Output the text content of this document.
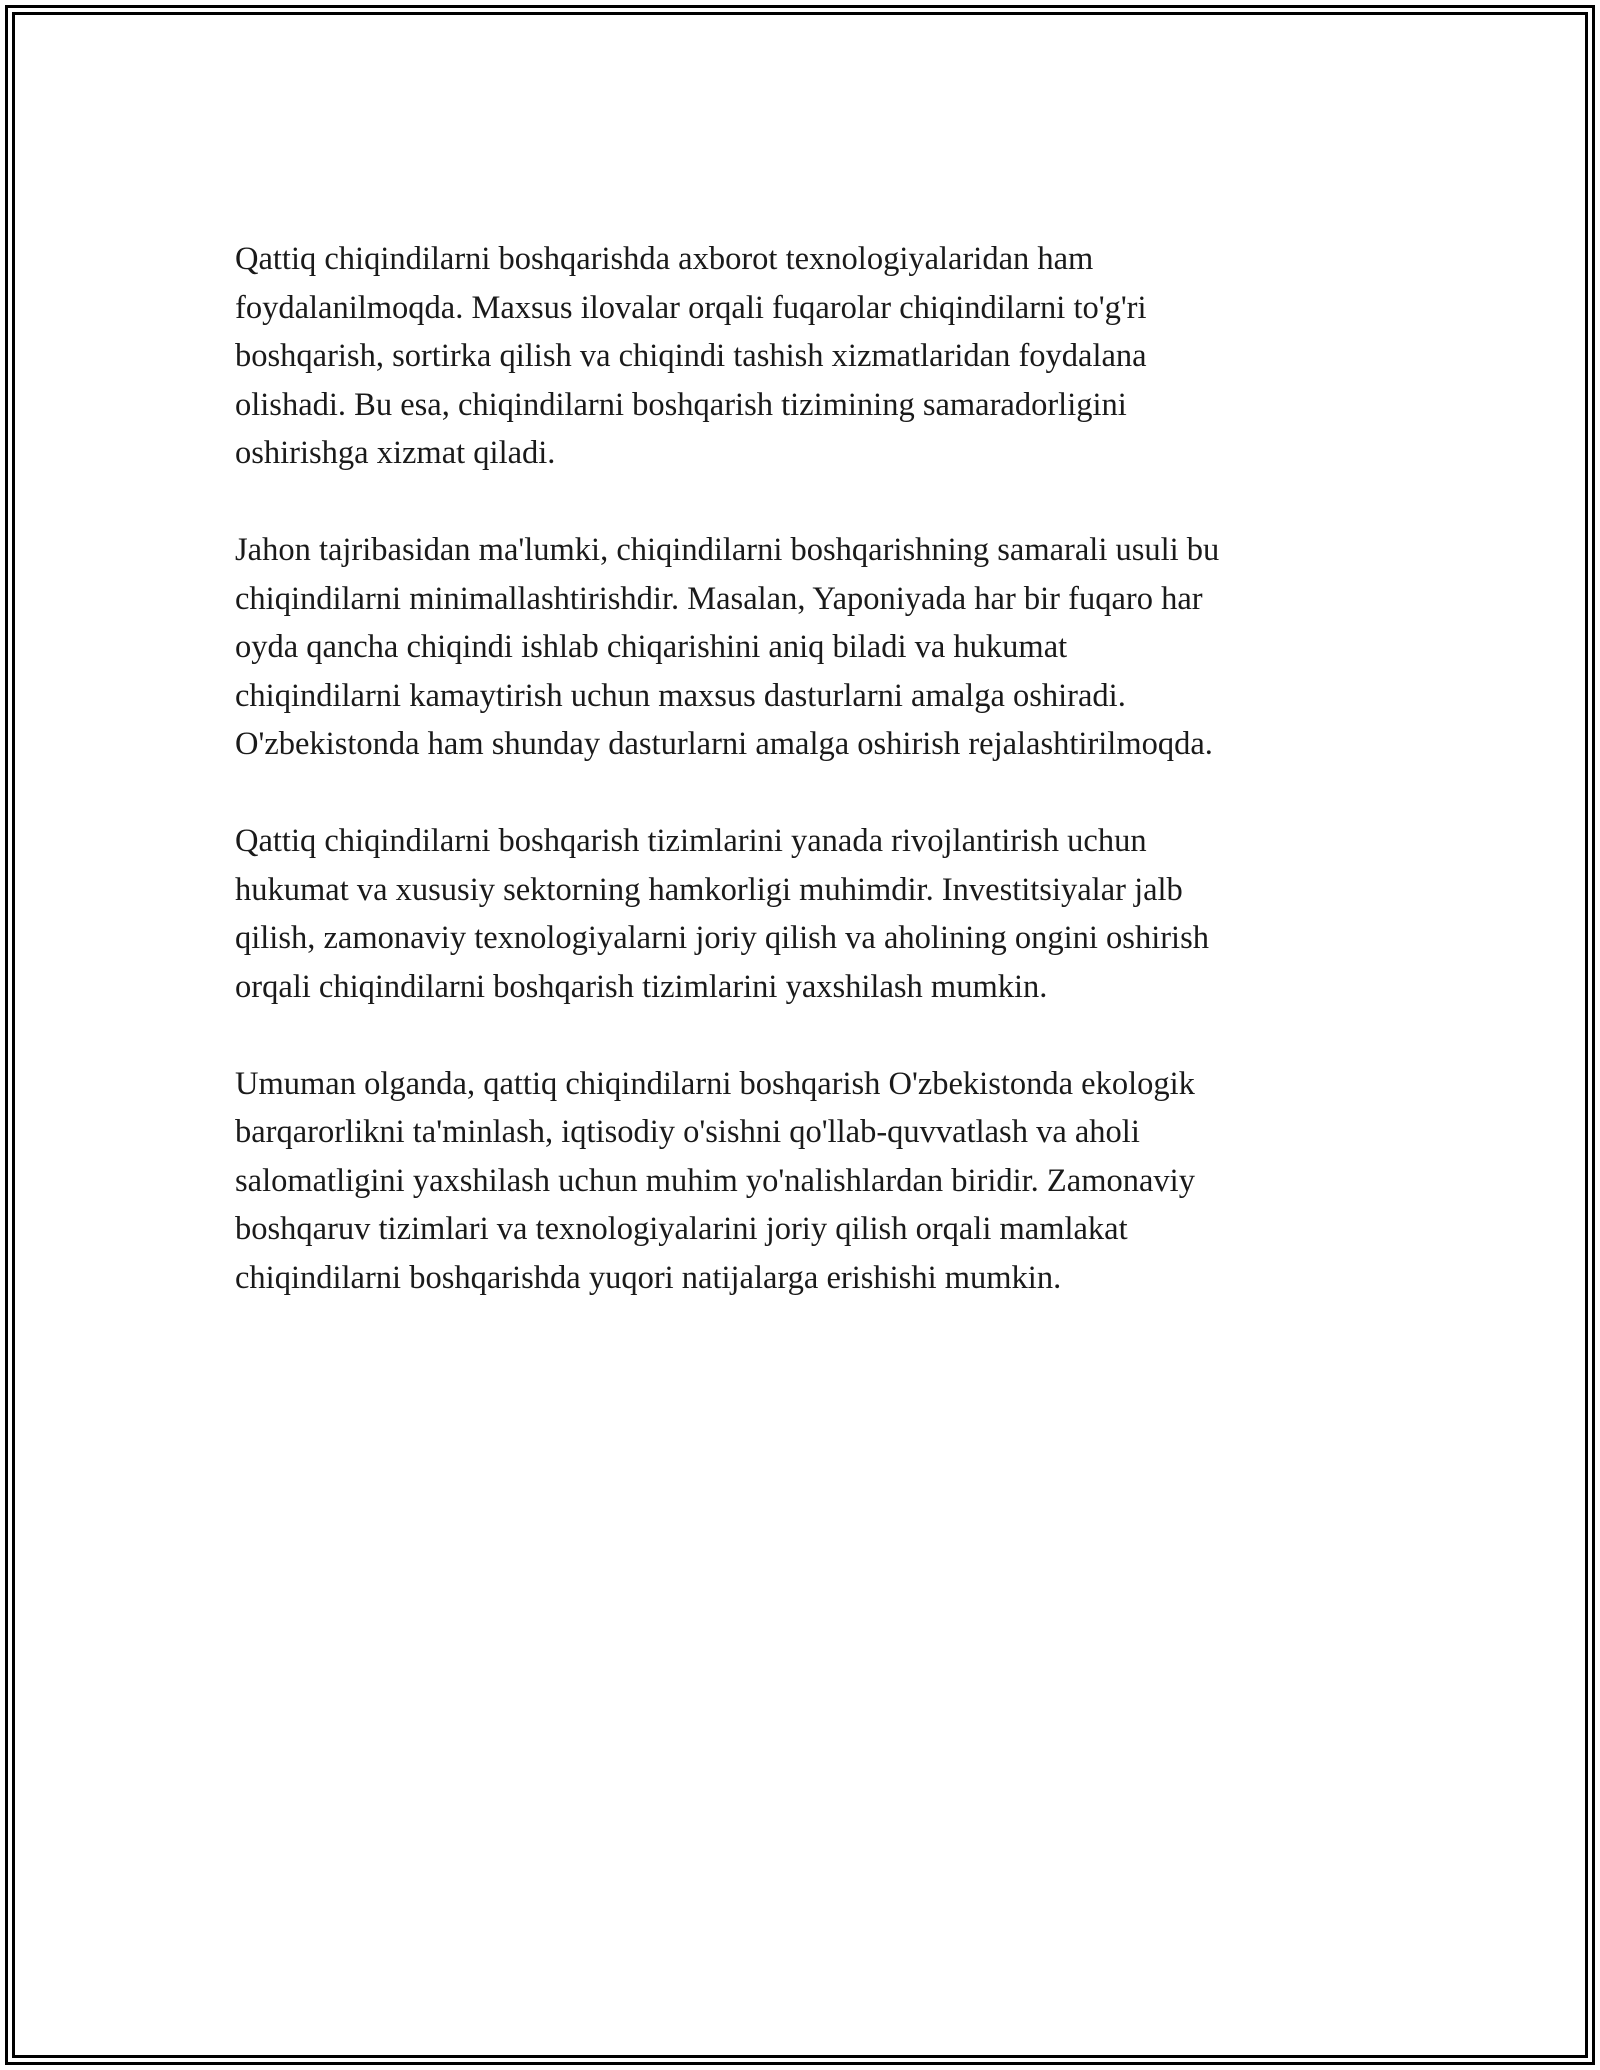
Qattiq chiqindilarni boshqarishda axborot texnologiyalaridan ham
foydalanilmoqda. Maxsus ilovalar orqali fuqarolar chiqindilarni to'g'ri
boshqarish, sortirka qilish va chiqindi tashish xizmatlaridan foydalana
olishadi. Bu esa, chiqindilarni boshqarish tizimining samaradorligini
oshirishga xizmat qiladi.

Jahon tajribasidan ma'lumki, chiqindilarni boshqarishning samarali usuli bu
chiqindilarni minimallashtirishdir. Masalan, Yaponiyada har bir fuqaro har
oyda qancha chiqindi ishlab chiqarishini aniq biladi va hukumat
chiqindilarni kamaytirish uchun maxsus dasturlarni amalga oshiradi.
O'zbekistonda ham shunday dasturlarni amalga oshirish rejalashtirilmoqda.

Qattiq chiqindilarni boshqarish tizimlarini yanada rivojlantirish uchun
hukumat va xususiy sektorning hamkorligi muhimdir. Investitsiyalar jalb
qilish, zamonaviy texnologiyalarni joriy qilish va aholining ongini oshirish
orqali chiqindilarni boshqarish tizimlarini yaxshilash mumkin.

Umuman olganda, qattiq chiqindilarni boshqarish O'zbekistonda ekologik
barqarorlikni ta'minlash, iqtisodiy o'sishni qo'llab-quvvatlash va aholi
salomatligini yaxshilash uchun muhim yo'nalishlardan biridir. Zamonaviy
boshqaruv tizimlari va texnologiyalarini joriy qilish orqali mamlakat
chiqindilarni boshqarishda yuqori natijalarga erishishi mumkin.
